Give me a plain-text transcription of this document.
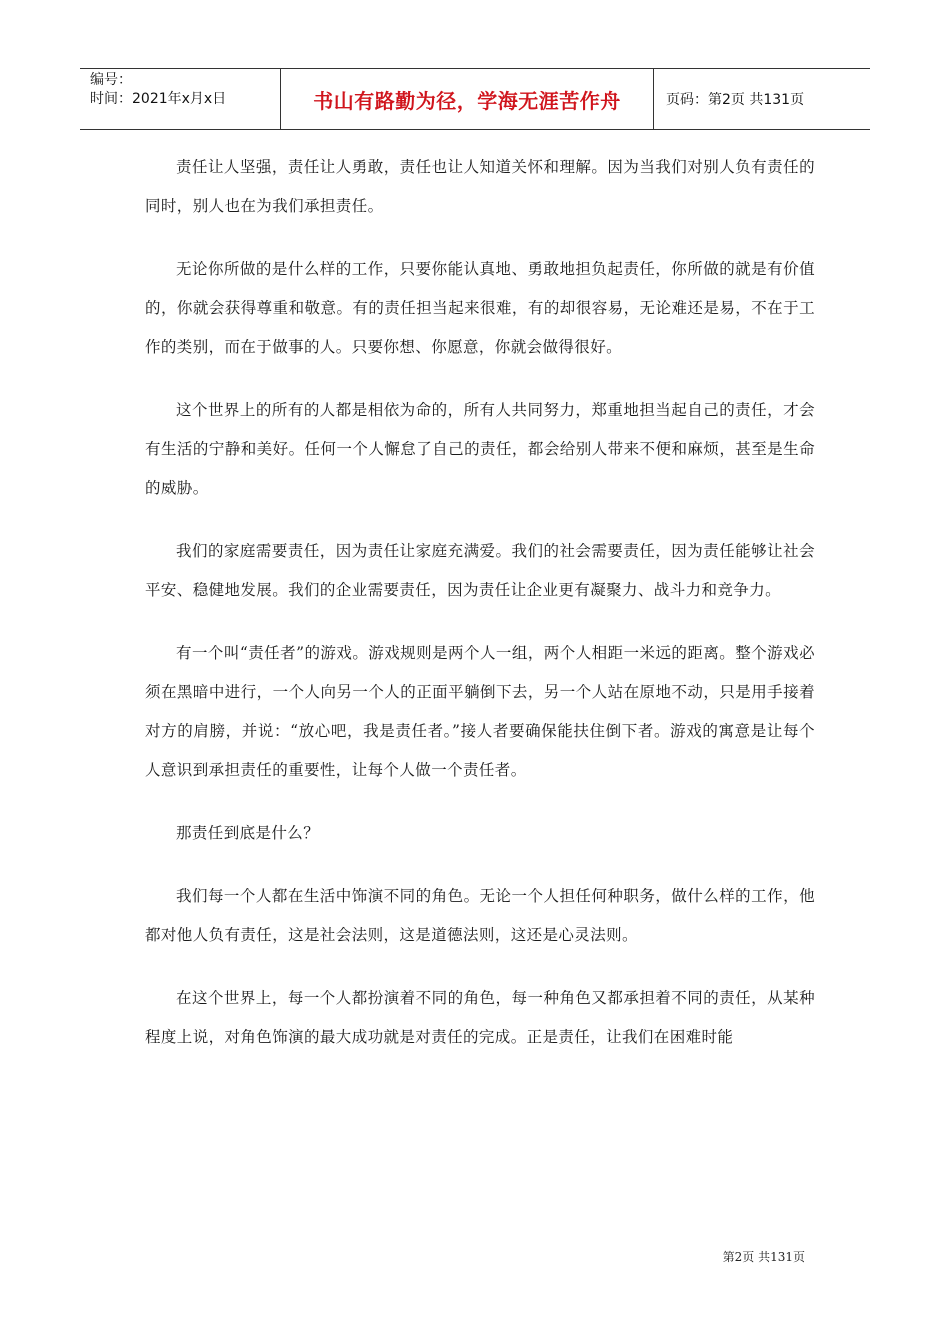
编号：
时间：2021年x月x日	书山有路勤为径，学海无涯苦作舟	页码：第2页 共131页

责任让人坚强，责任让人勇敢，责任也让人知道关怀和理解。因为当我们对别人负有责任的同时，别人也在为我们承担责任。

无论你所做的是什么样的工作，只要你能认真地、勇敢地担负起责任，你所做的就是有价值的，你就会获得尊重和敬意。有的责任担当起来很难，有的却很容易，无论难还是易，不在于工作的类别，而在于做事的人。只要你想、你愿意，你就会做得很好。

这个世界上的所有的人都是相依为命的，所有人共同努力，郑重地担当起自己的责任，才会有生活的宁静和美好。任何一个人懈怠了自己的责任，都会给别人带来不便和麻烦，甚至是生命的威胁。

我们的家庭需要责任，因为责任让家庭充满爱。我们的社会需要责任，因为责任能够让社会平安、稳健地发展。我们的企业需要责任，因为责任让企业更有凝聚力、战斗力和竞争力。

有一个叫“责任者”的游戏。游戏规则是两个人一组，两个人相距一米远的距离。整个游戏必须在黑暗中进行，一个人向另一个人的正面平躺倒下去，另一个人站在原地不动，只是用手接着对方的肩膀，并说：“放心吧，我是责任者。”接人者要确保能扶住倒下者。游戏的寓意是让每个人意识到承担责任的重要性，让每个人做一个责任者。

那责任到底是什么？

我们每一个人都在生活中饰演不同的角色。无论一个人担任何种职务，做什么样的工作，他都对他人负有责任，这是社会法则，这是道德法则，这还是心灵法则。

在这个世界上，每一个人都扮演着不同的角色，每一种角色又都承担着不同的责任，从某种程度上说，对角色饰演的最大成功就是对责任的完成。正是责任，让我们在困难时能

第2页 共131页
